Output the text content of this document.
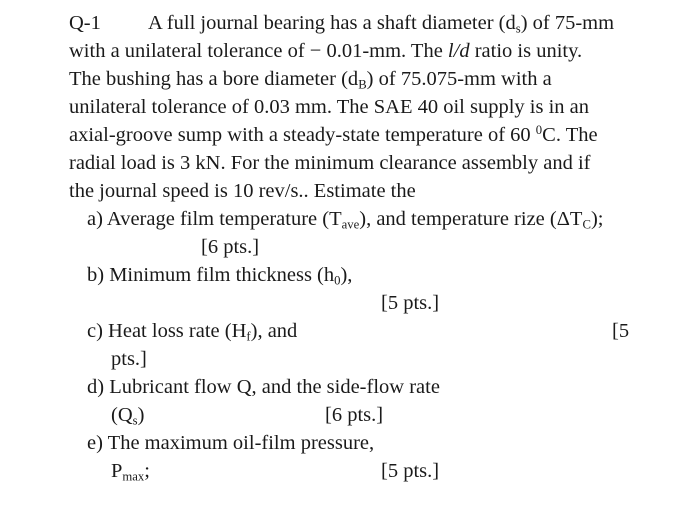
Q-1 A full journal bearing has a shaft diameter $(d_s)$ of 75-mm
with a unilateral tolerance of − 0.01-mm. The l/d ratio is unity.
The bushing has a bore diameter $(d_B)$ of 75.075-mm with a
unilateral tolerance of 0.03 mm. The SAE 40 oil supply is in an
axial-groove sump with a steady-state temperature of 60 $^0$C. The
radial load is 3 kN. For the minimum clearance assembly and if
the journal speed is 10 rev/s.. Estimate the
a) Average film temperature $(T_{ave})$, and temperature rize $(\Delta T_C)$;
[6 pts.]
b) Minimum film thickness $(h_0)$,
[5 pts.]
c) Heat loss rate $(H_f)$, and	[5
pts.]
d) Lubricant flow Q, and the side-flow rate
$(Q_s)$	[6 pts.]
e) The maximum oil-film pressure,
$P_{max}$;	[5 pts.]
